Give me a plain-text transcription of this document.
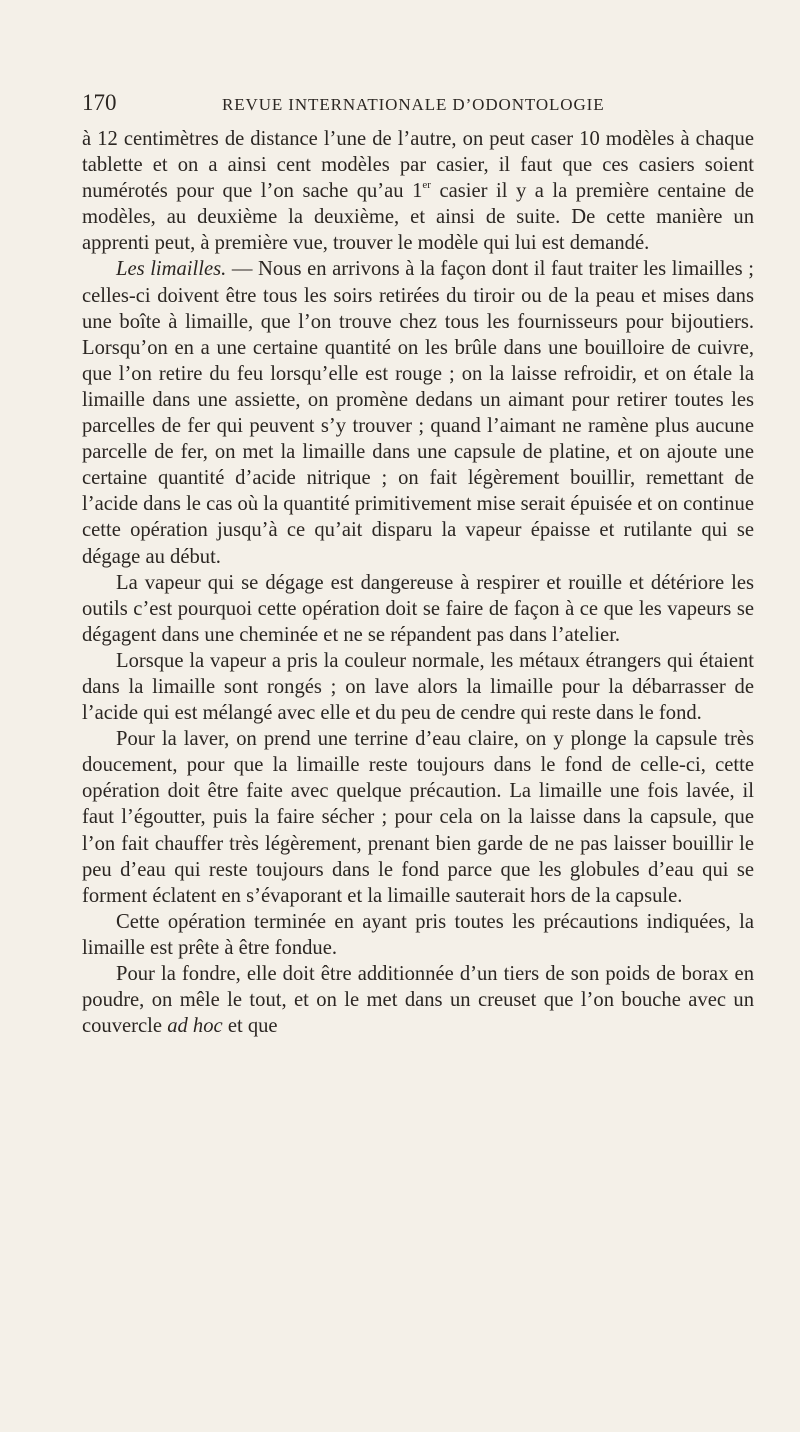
170	REVUE INTERNATIONALE D’ODONTOLOGIE

à 12 centimètres de distance l’une de l’autre, on peut caser 10 modèles à chaque tablette et on a ainsi cent modèles par casier, il faut que ces casiers soient numérotés pour que l’on sache qu’au 1er casier il y a la première centaine de modèles, au deuxième la deuxième, et ainsi de suite. De cette manière un apprenti peut, à première vue, trouver le modèle qui lui est demandé.

Les limailles. — Nous en arrivons à la façon dont il faut traiter les limailles ; celles-ci doivent être tous les soirs retirées du tiroir ou de la peau et mises dans une boîte à limaille, que l’on trouve chez tous les fournisseurs pour bijoutiers. Lorsqu’on en a une certaine quantité on les brûle dans une bouilloire de cuivre, que l’on retire du feu lorsqu’elle est rouge ; on la laisse refroidir, et on étale la limaille dans une assiette, on promène dedans un aimant pour retirer toutes les parcelles de fer qui peuvent s’y trouver ; quand l’aimant ne ramène plus aucune parcelle de fer, on met la limaille dans une capsule de platine, et on ajoute une certaine quantité d’acide nitrique ; on fait légèrement bouillir, remettant de l’acide dans le cas où la quantité primitivement mise serait épuisée et on continue cette opération jusqu’à ce qu’ait disparu la vapeur épaisse et rutilante qui se dégage au début.

La vapeur qui se dégage est dangereuse à respirer et rouille et détériore les outils c’est pourquoi cette opération doit se faire de façon à ce que les vapeurs se dégagent dans une cheminée et ne se répandent pas dans l’atelier.

Lorsque la vapeur a pris la couleur normale, les métaux étrangers qui étaient dans la limaille sont rongés ; on lave alors la limaille pour la débarrasser de l’acide qui est mélangé avec elle et du peu de cendre qui reste dans le fond.

Pour la laver, on prend une terrine d’eau claire, on y plonge la capsule très doucement, pour que la limaille reste toujours dans le fond de celle-ci, cette opération doit être faite avec quelque précaution. La limaille une fois lavée, il faut l’égoutter, puis la faire sécher ; pour cela on la laisse dans la capsule, que l’on fait chauffer très légèrement, prenant bien garde de ne pas laisser bouillir le peu d’eau qui reste toujours dans le fond parce que les globules d’eau qui se forment éclatent en s’évaporant et la limaille sauterait hors de la capsule.

Cette opération terminée en ayant pris toutes les précautions indiquées, la limaille est prête à être fondue.

Pour la fondre, elle doit être additionnée d’un tiers de son poids de borax en poudre, on mêle le tout, et on le met dans un creuset que l’on bouche avec un couvercle ad hoc et que
